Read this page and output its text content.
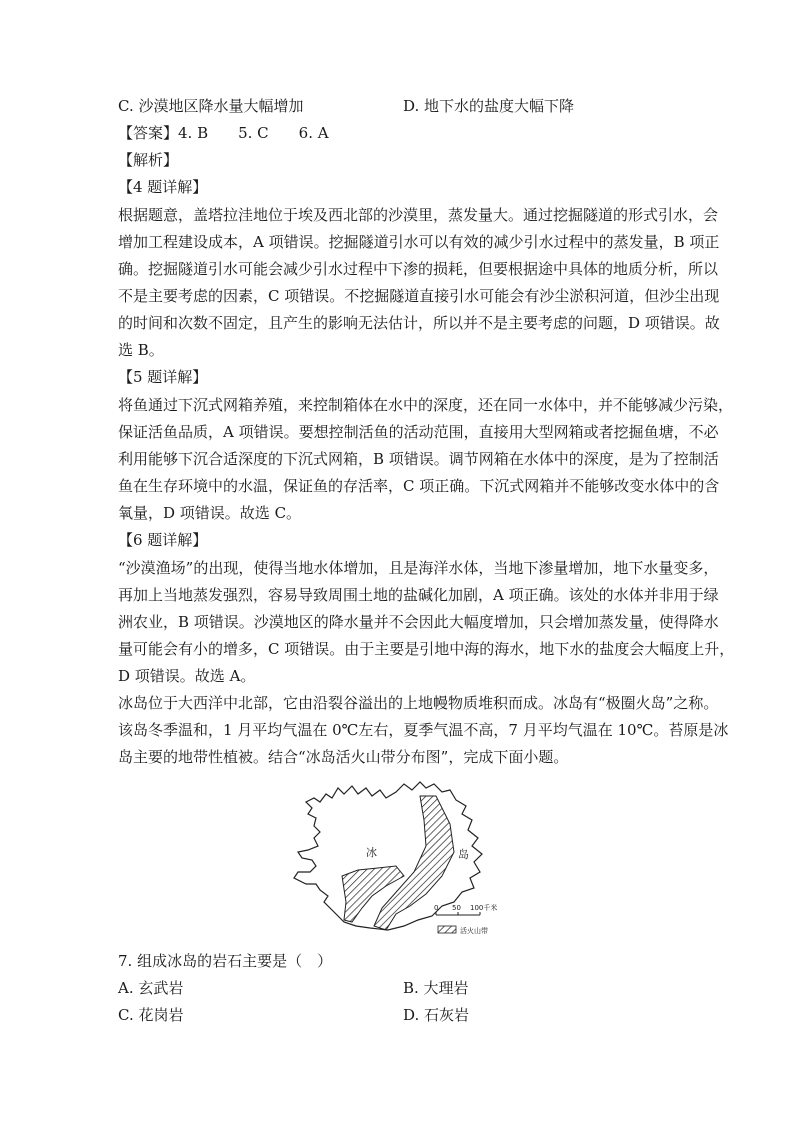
C. 沙漠地区降水量大幅增加	D. 地下水的盐度大幅下降
【答案】4. B　　5. C　　6. A
【解析】
【4 题详解】
根据题意，盖塔拉洼地位于埃及西北部的沙漠里，蒸发量大。通过挖掘隧道的形式引水，会
增加工程建设成本，A 项错误。挖掘隧道引水可以有效的减少引水过程中的蒸发量，B 项正
确。挖掘隧道引水可能会减少引水过程中下渗的损耗，但要根据途中具体的地质分析，所以
不是主要考虑的因素，C 项错误。不挖掘隧道直接引水可能会有沙尘淤积河道，但沙尘出现
的时间和次数不固定，且产生的影响无法估计，所以并不是主要考虑的问题，D 项错误。故
选 B。
【5 题详解】
将鱼通过下沉式网箱养殖，来控制箱体在水中的深度，还在同一水体中，并不能够减少污染，
保证活鱼品质，A 项错误。要想控制活鱼的活动范围，直接用大型网箱或者挖掘鱼塘，不必
利用能够下沉合适深度的下沉式网箱，B 项错误。调节网箱在水体中的深度，是为了控制活
鱼在生存环境中的水温，保证鱼的存活率，C 项正确。下沉式网箱并不能够改变水体中的含
氧量，D 项错误。故选 C。
【6 题详解】
“沙漠渔场”的出现，使得当地水体增加，且是海洋水体，当地下渗量增加，地下水量变多，
再加上当地蒸发强烈，容易导致周围土地的盐碱化加剧，A 项正确。该处的水体并非用于绿
洲农业，B 项错误。沙漠地区的降水量并不会因此大幅度增加，只会增加蒸发量，使得降水
量可能会有小的增多，C 项错误。由于主要是引地中海的海水，地下水的盐度会大幅度上升，
D 项错误。故选 A。
冰岛位于大西洋中北部，它由沿裂谷溢出的上地幔物质堆积而成。冰岛有“极圈火岛”之称。
该岛冬季温和，1 月平均气温在 0℃左右，夏季气温不高，7 月平均气温在 10℃。苔原是冰
岛主要的地带性植被。结合“冰岛活火山带分布图”，完成下面小题。
冰	岛
0 50 100千米
活火山带
7. 组成冰岛的岩石主要是（　）
A. 玄武岩	B. 大理岩
C. 花岗岩	D. 石灰岩
